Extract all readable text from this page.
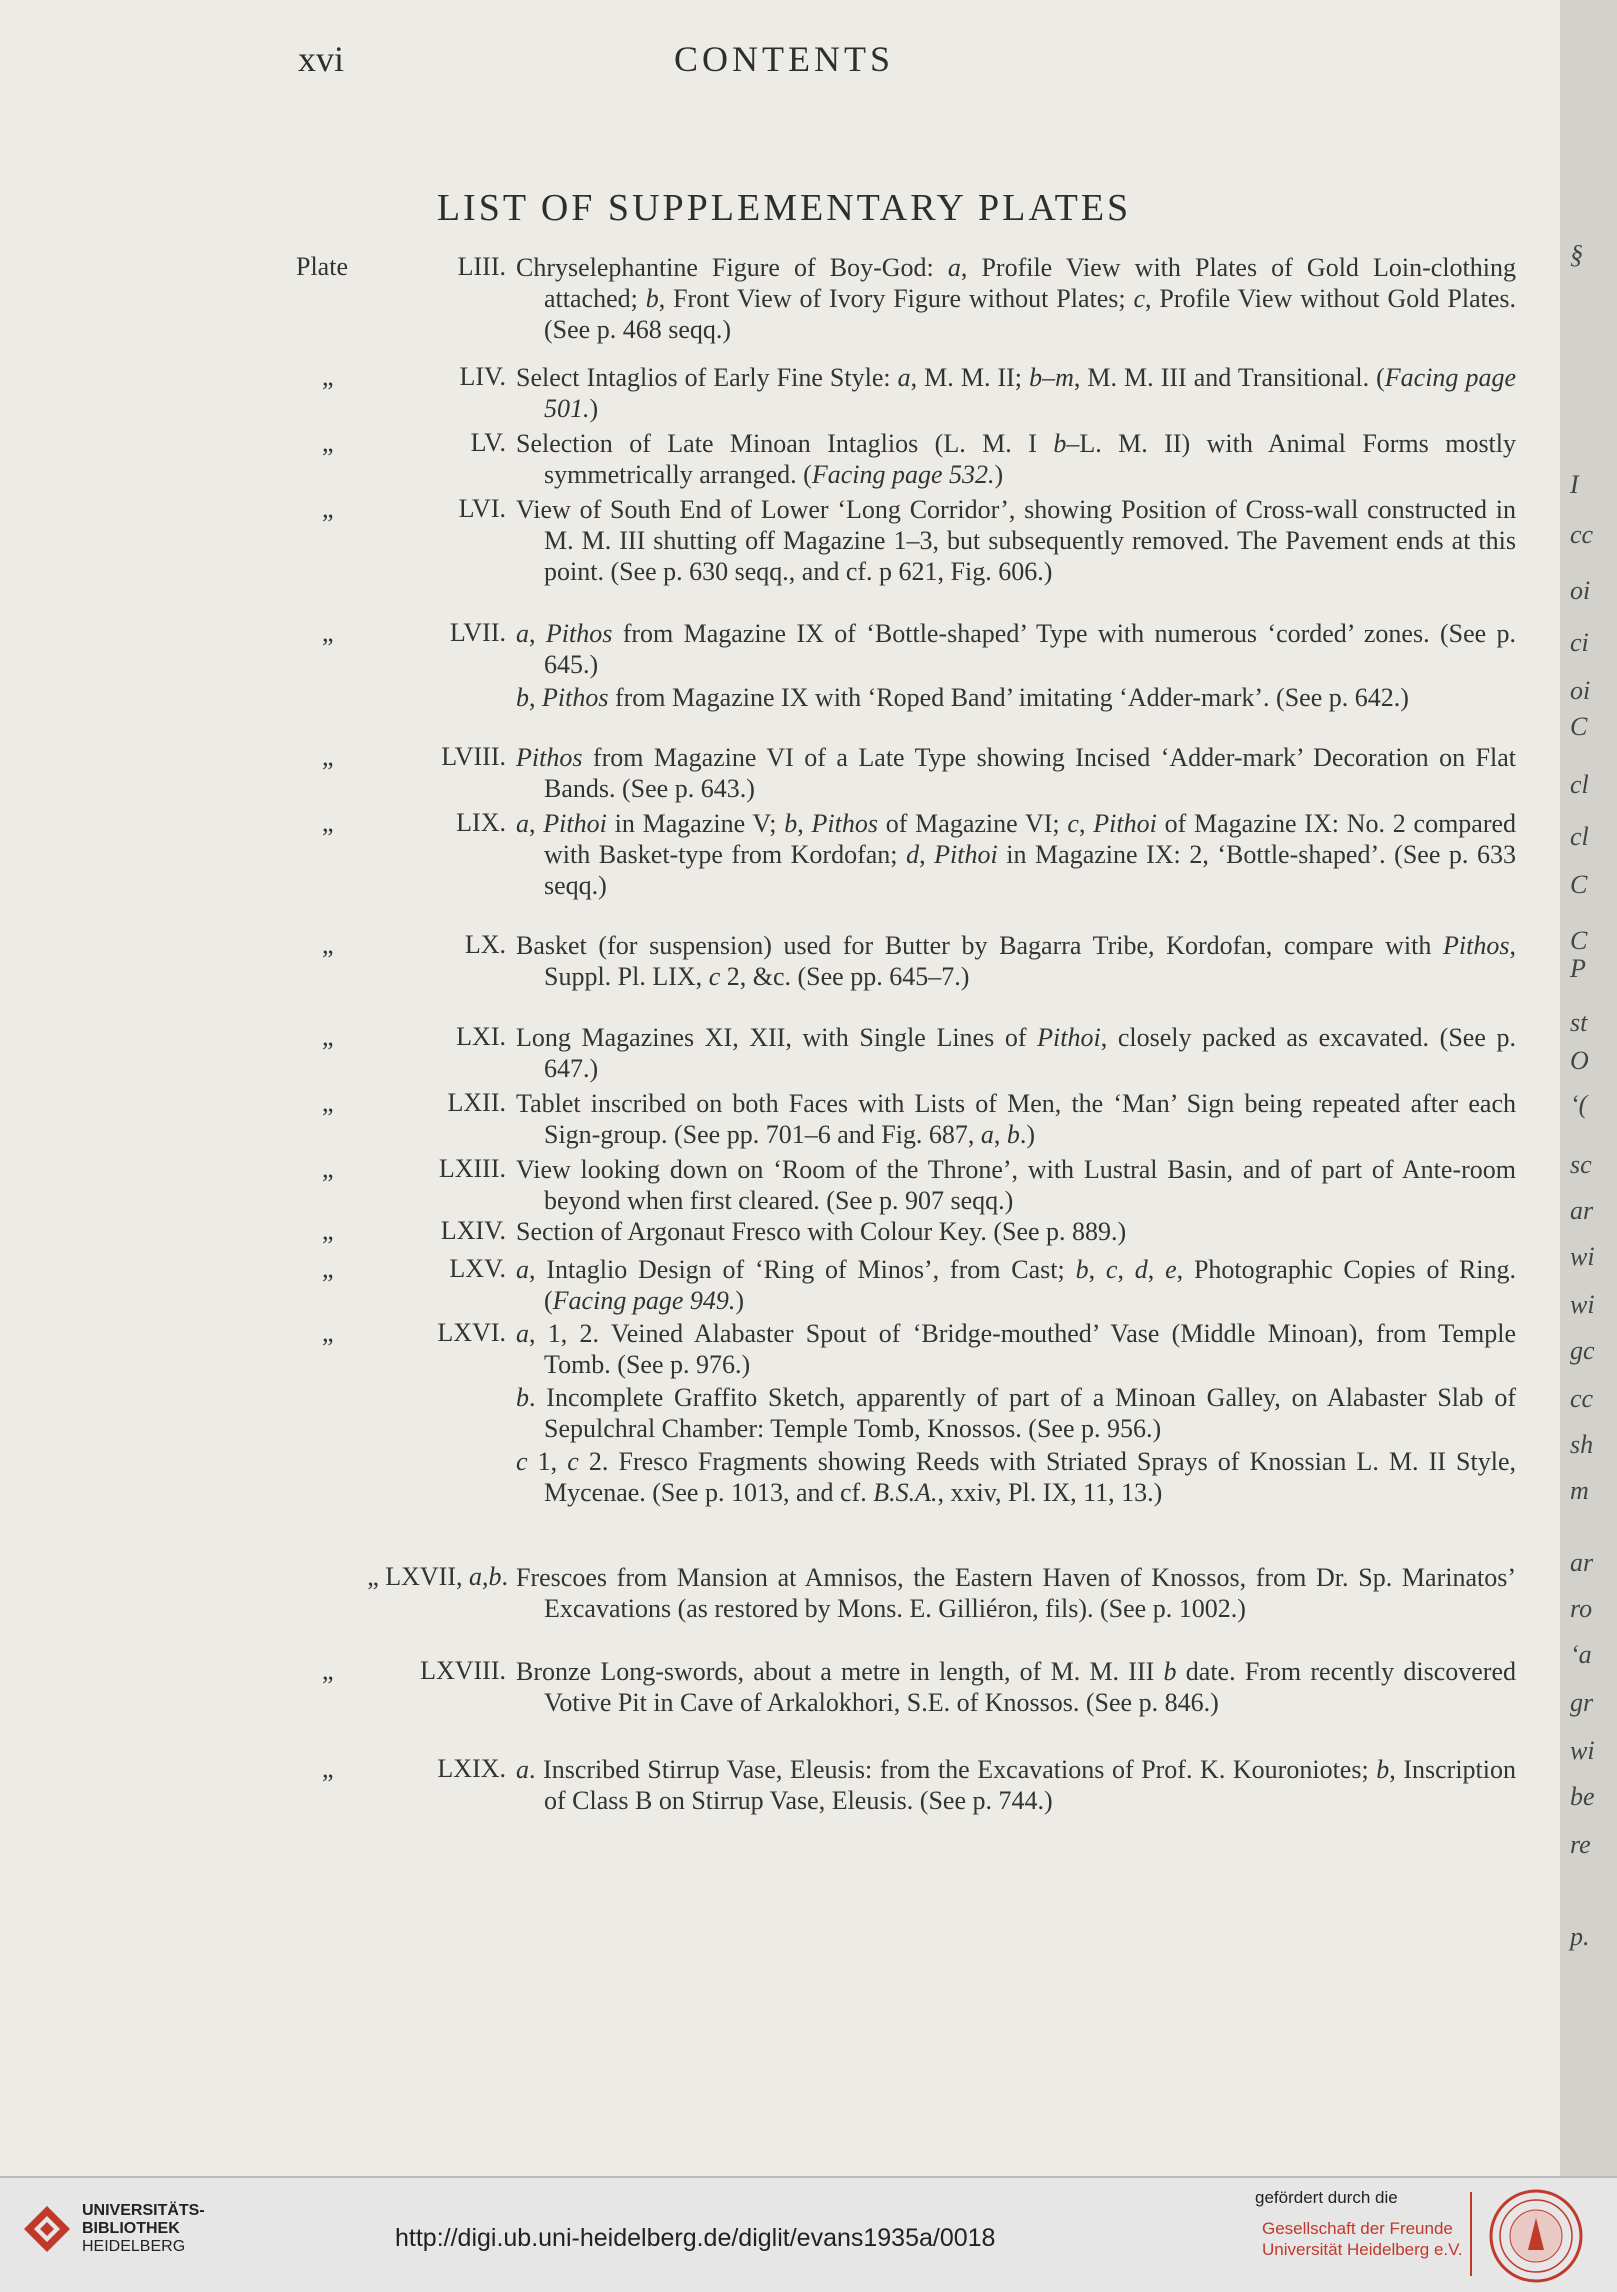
xvi	CONTENTS
LIST OF SUPPLEMENTARY PLATES
Plate	LIII. Chryselephantine Figure of Boy-God: a, Profile View with Plates of Gold Loin-clothing attached; b, Front View of Ivory Figure without Plates; c, Profile View without Gold Plates. (See p. 468 seqq.)

„	LIV. Select Intaglios of Early Fine Style: a, M. M. II; b–m, M. M. III and Transitional. (Facing page 501.)

„	LV. Selection of Late Minoan Intaglios (L. M. I b–L. M. II) with Animal Forms mostly symmetrically arranged. (Facing page 532.)

„	LVI. View of South End of Lower ‘Long Corridor’, showing Position of Cross-wall constructed in M. M. III shutting off Magazine 1–3, but subsequently removed. The Pavement ends at this point. (See p. 630 seqq., and cf. p 621, Fig. 606.)

„	LVII. a, Pithos from Magazine IX of ‘Bottle-shaped’ Type with numerous ‘corded’ zones. (See p. 645.)

b, Pithos from Magazine IX with ‘Roped Band’ imitating ‘Adder-mark’. (See p. 642.)

„	LVIII. Pithos from Magazine VI of a Late Type showing Incised ‘Adder-mark’ Decoration on Flat Bands. (See p. 643.)

„	LIX. a, Pithoi in Magazine V; b, Pithos of Magazine VI; c, Pithoi of Magazine IX: No. 2 compared with Basket-type from Kordofan; d, Pithoi in Magazine IX: 2, ‘Bottle-shaped’. (See p. 633 seqq.)

„	LX. Basket (for suspension) used for Butter by Bagarra Tribe, Kordofan, compare with Pithos, Suppl. Pl. LIX, c 2, &c. (See pp. 645–7.)

„	LXI. Long Magazines XI, XII, with Single Lines of Pithoi, closely packed as excavated. (See p. 647.)

„	LXII. Tablet inscribed on both Faces with Lists of Men, the ‘Man’ Sign being repeated after each Sign-group. (See pp. 701–6 and Fig. 687, a, b.)

„	LXIII. View looking down on ‘Room of the Throne’, with Lustral Basin, and of part of Ante-room beyond when first cleared. (See p. 907 seqq.)

„	LXIV. Section of Argonaut Fresco with Colour Key. (See p. 889.)

„	LXV. a, Intaglio Design of ‘Ring of Minos’, from Cast; b, c, d, e, Photographic Copies of Ring. (Facing page 949.)

„	LXVI. a, 1, 2. Veined Alabaster Spout of ‘Bridge-mouthed’ Vase (Middle Minoan), from Temple Tomb. (See p. 976.)

b. Incomplete Graffito Sketch, apparently of part of a Minoan Galley, on Alabaster Slab of Sepulchral Chamber: Temple Tomb, Knossos. (See p. 956.)

c 1, c 2. Fresco Fragments showing Reeds with Striated Sprays of Knossian L. M. II Style, Mycenae. (See p. 1013, and cf. B.S.A., xxiv, Pl. IX, 11, 13.)

„ LXVII, a,b. Frescoes from Mansion at Amnisos, the Eastern Haven of Knossos, from Dr. Sp. Marinatos’ Excavations (as restored by Mons. E. Gilliéron, fils). (See p. 1002.)

„	LXVIII. Bronze Long-swords, about a metre in length, of M. M. III b date. From recently discovered Votive Pit in Cave of Arkalokhori, S.E. of Knossos. (See p. 846.)

„	LXIX. a. Inscribed Stirrup Vase, Eleusis: from the Excavations of Prof. K. Kouroniotes; b, Inscription of Class B on Stirrup Vase, Eleusis. (See p. 744.)

§
I
cc
oi
ci
oi
C
cl
cl
C
C
P
st
O
‘(
sc
ar
wi
wi
gc
cc
sh
m
ar
ro
‘a
gr
wi
be
re
p.
UNIVERSITÄTS-
BIBLIOTHEK
HEIDELBERG	http://digi.ub.uni-heidelberg.de/diglit/evans1935a/0018
gefördert durch die
Gesellschaft der Freunde
Universität Heidelberg e.V.
